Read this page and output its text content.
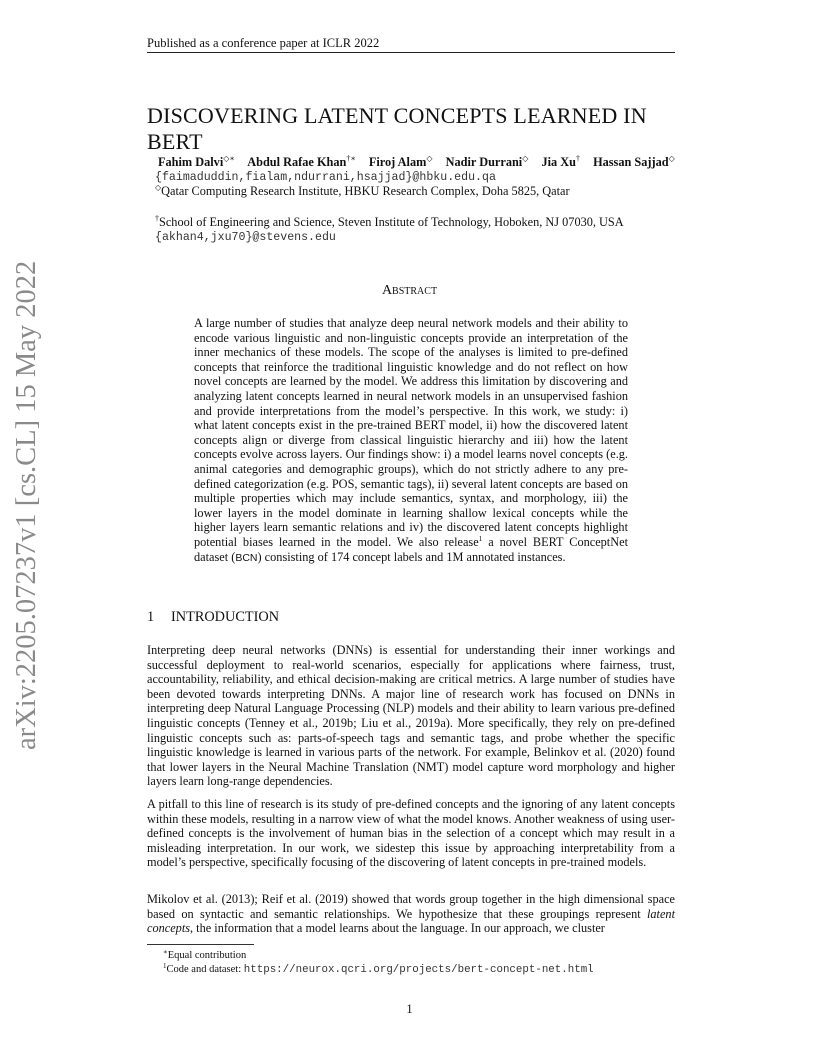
Published as a conference paper at ICLR 2022
DISCOVERING LATENT CONCEPTS LEARNED IN BERT
Fahim Dalvi◇∗ Abdul Rafae Khan†∗ Firoj Alam◇ Nadir Durrani◇ Jia Xu† Hassan Sajjad◇
{faimaduddin,fialam,ndurrani,hsajjad}@hbku.edu.qa
◇Qatar Computing Research Institute, HBKU Research Complex, Doha 5825, Qatar
†School of Engineering and Science, Steven Institute of Technology, Hoboken, NJ 07030, USA
{akhan4,jxu70}@stevens.edu
Abstract
A large number of studies that analyze deep neural network models and their ability to encode various linguistic and non-linguistic concepts provide an interpretation of the inner mechanics of these models. The scope of the analyses is limited to pre-defined concepts that reinforce the traditional linguistic knowledge and do not reflect on how novel concepts are learned by the model. We address this limitation by discovering and analyzing latent concepts learned in neural network models in an unsupervised fashion and provide interpretations from the model’s perspective. In this work, we study: i) what latent concepts exist in the pre-trained BERT model, ii) how the discovered latent concepts align or diverge from classical linguistic hierarchy and iii) how the latent concepts evolve across layers. Our findings show: i) a model learns novel concepts (e.g. animal categories and demographic groups), which do not strictly adhere to any pre-defined categorization (e.g. POS, semantic tags), ii) several latent concepts are based on multiple properties which may include semantics, syntax, and morphology, iii) the lower layers in the model dominate in learning shallow lexical concepts while the higher layers learn semantic relations and iv) the discovered latent concepts highlight potential biases learned in the model. We also release$^1$ a novel BERT ConceptNet dataset (BCN) consisting of 174 concept labels and 1M annotated instances.
1 INTRODUCTION

Interpreting deep neural networks (DNNs) is essential for understanding their inner workings and successful deployment to real-world scenarios, especially for applications where fairness, trust, accountability, reliability, and ethical decision-making are critical metrics. A large number of studies have been devoted towards interpreting DNNs. A major line of research work has focused on DNNs in interpreting deep Natural Language Processing (NLP) models and their ability to learn various pre-defined linguistic concepts (Tenney et al., 2019b; Liu et al., 2019a). More specifically, they rely on pre-defined linguistic concepts such as: parts-of-speech tags and semantic tags, and probe whether the specific linguistic knowledge is learned in various parts of the network. For example, Belinkov et al. (2020) found that lower layers in the Neural Machine Translation (NMT) model capture word morphology and higher layers learn long-range dependencies.

A pitfall to this line of research is its study of pre-defined concepts and the ignoring of any latent concepts within these models, resulting in a narrow view of what the model knows. Another weakness of using user-defined concepts is the involvement of human bias in the selection of a concept which may result in a misleading interpretation. In our work, we sidestep this issue by approaching interpretability from a model’s perspective, specifically focusing of the discovering of latent concepts in pre-trained models.

Mikolov et al. (2013); Reif et al. (2019) showed that words group together in the high dimensional space based on syntactic and semantic relationships. We hypothesize that these groupings represent latent concepts, the information that a model learns about the language. In our approach, we cluster

∗Equal contribution
$^1$Code and dataset: https://neurox.qcri.org/projects/bert-concept-net.html
1
arXiv:2205.07237v1 [cs.CL] 15 May 2022
